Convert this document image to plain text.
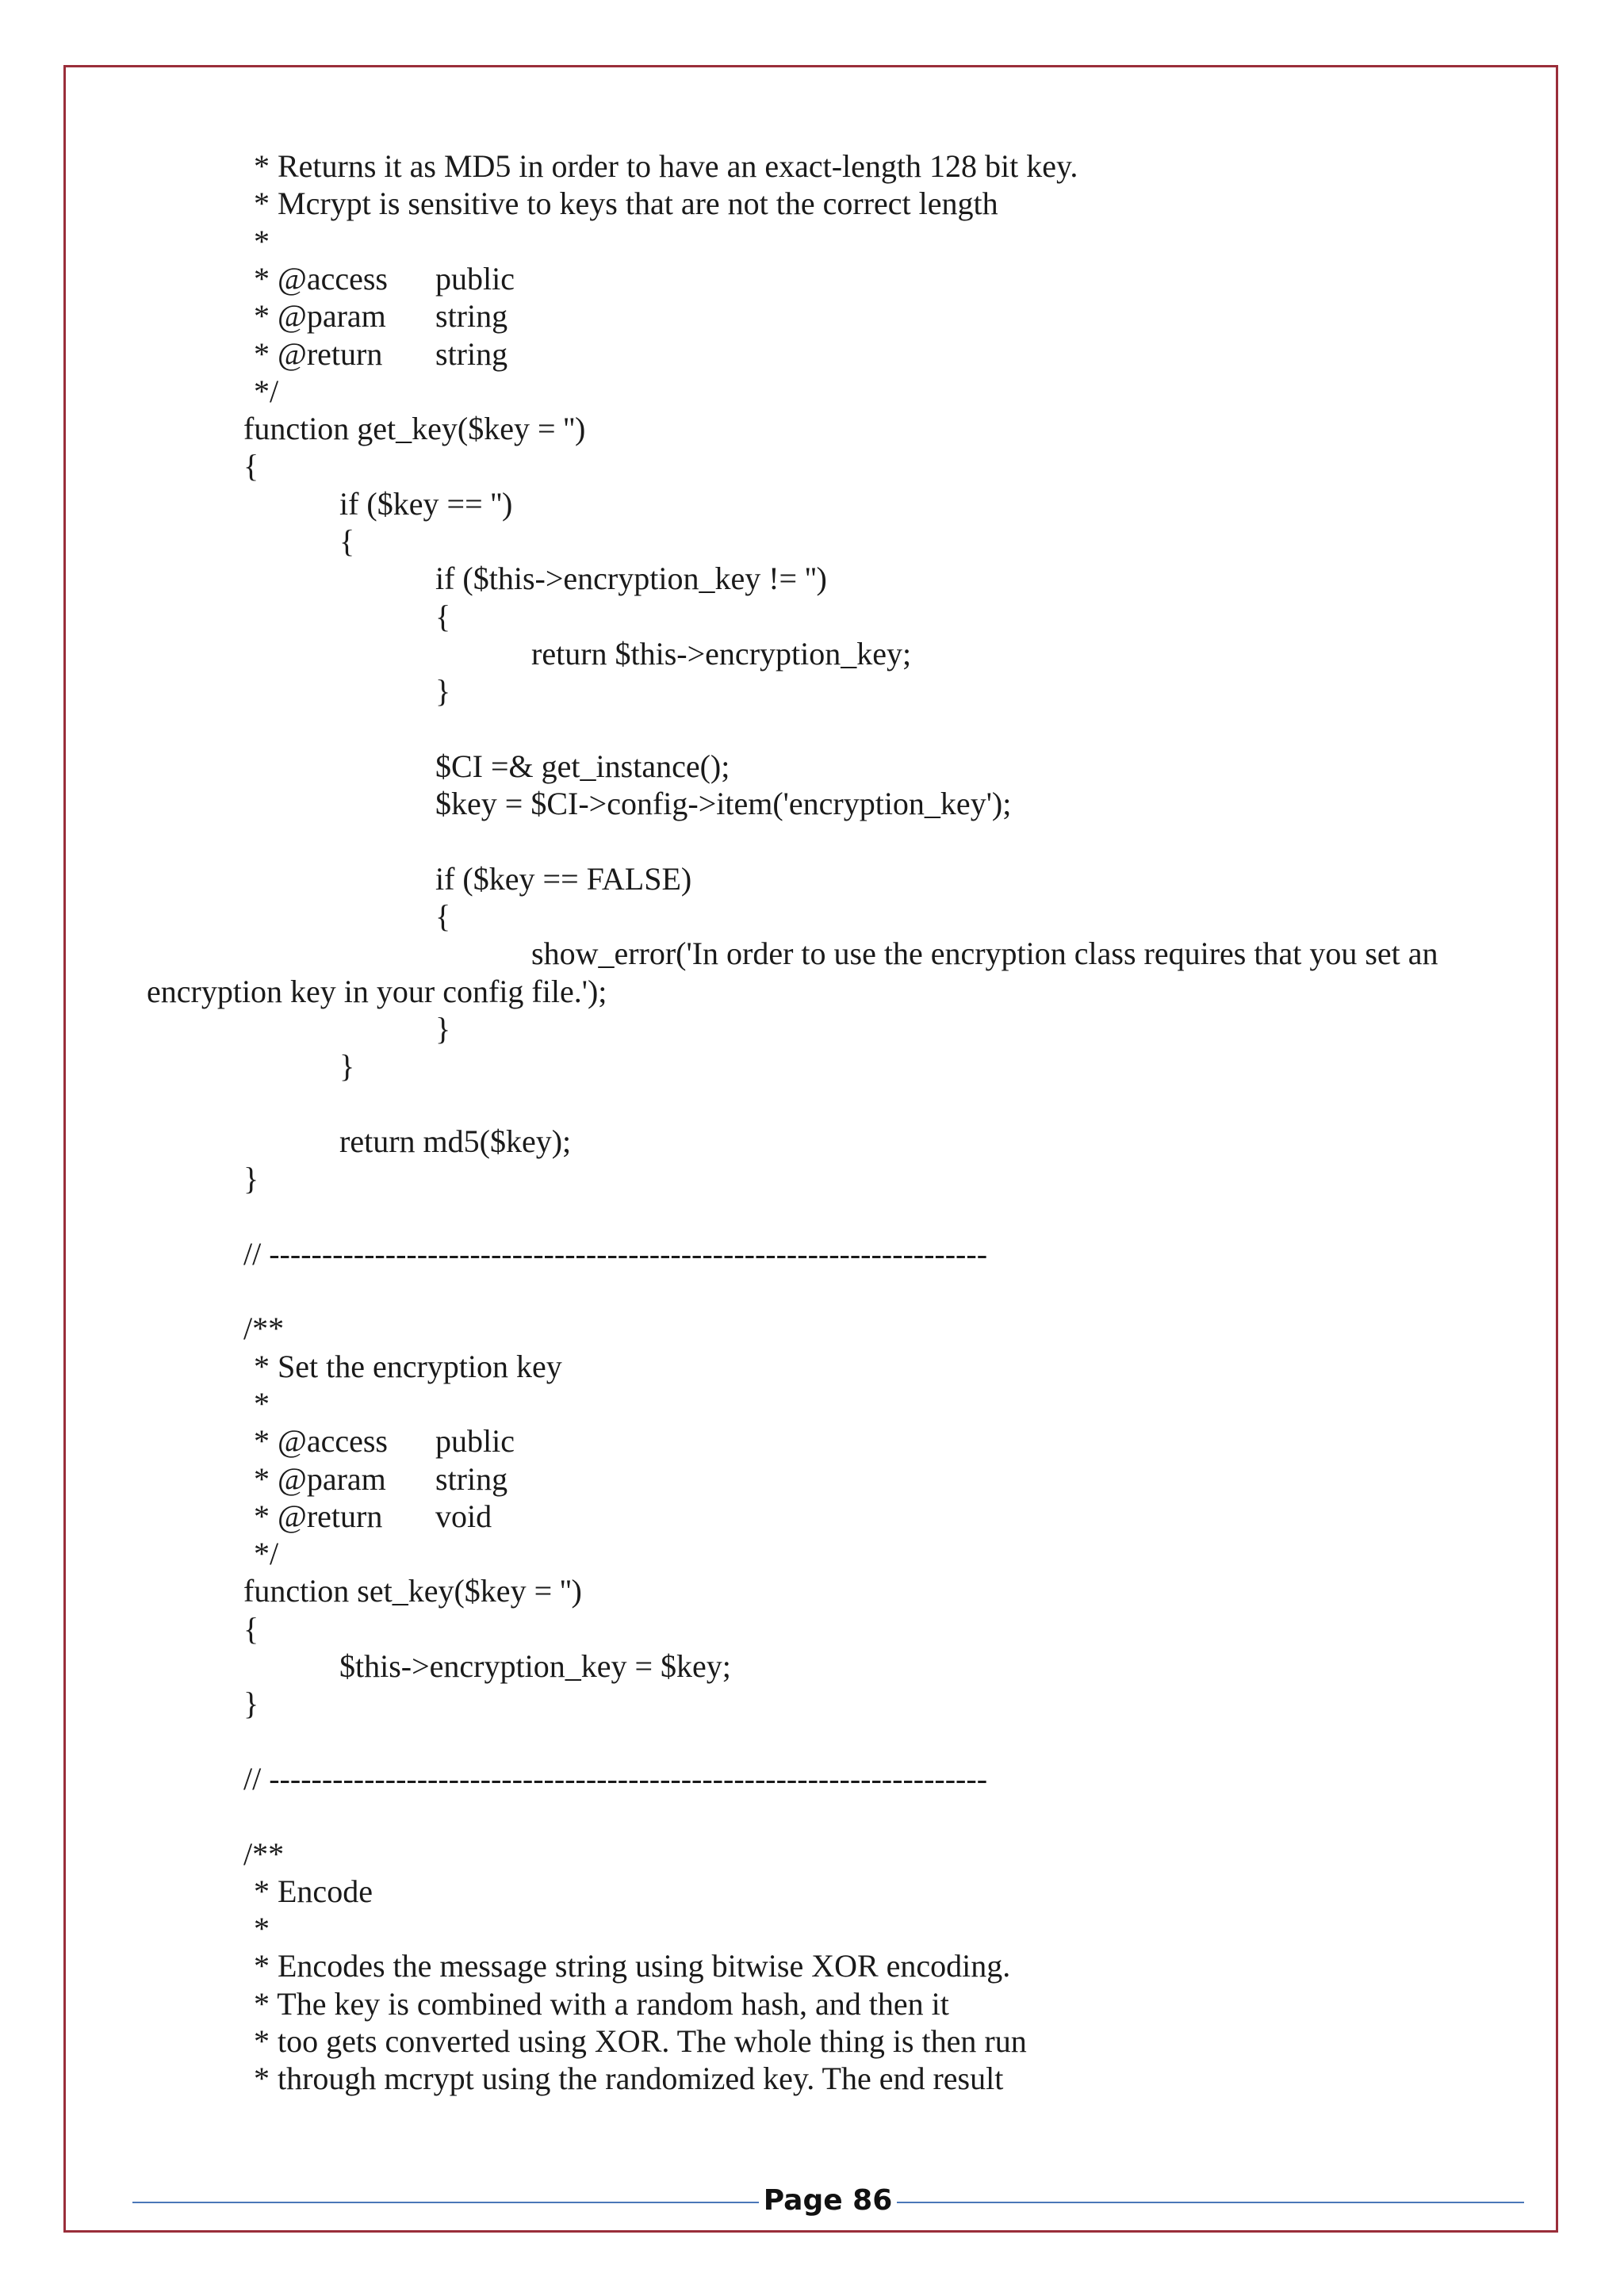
* Returns it as MD5 in order to have an exact-length 128 bit key.
* Mcrypt is sensitive to keys that are not the correct length
*
* @access public
* @param string
* @return string
*/
function get_key($key = '')
{
if ($key == '')
{
if ($this->encryption_key != '')
{
return $this->encryption_key;
}
$CI =& get_instance();
$key = $CI->config->item('encryption_key');
if ($key == FALSE)
{
show_error('In order to use the encryption class requires that you set an
encryption key in your config file.');
}
}
return md5($key);
}
// --------------------------------------------------------------------
/**
* Set the encryption key
*
* @access public
* @param string
* @return void
*/
function set_key($key = '')
{
$this->encryption_key = $key;
}
// --------------------------------------------------------------------
/**
* Encode
*
* Encodes the message string using bitwise XOR encoding.
* The key is combined with a random hash, and then it
* too gets converted using XOR. The whole thing is then run
* through mcrypt using the randomized key. The end result
Page 86
